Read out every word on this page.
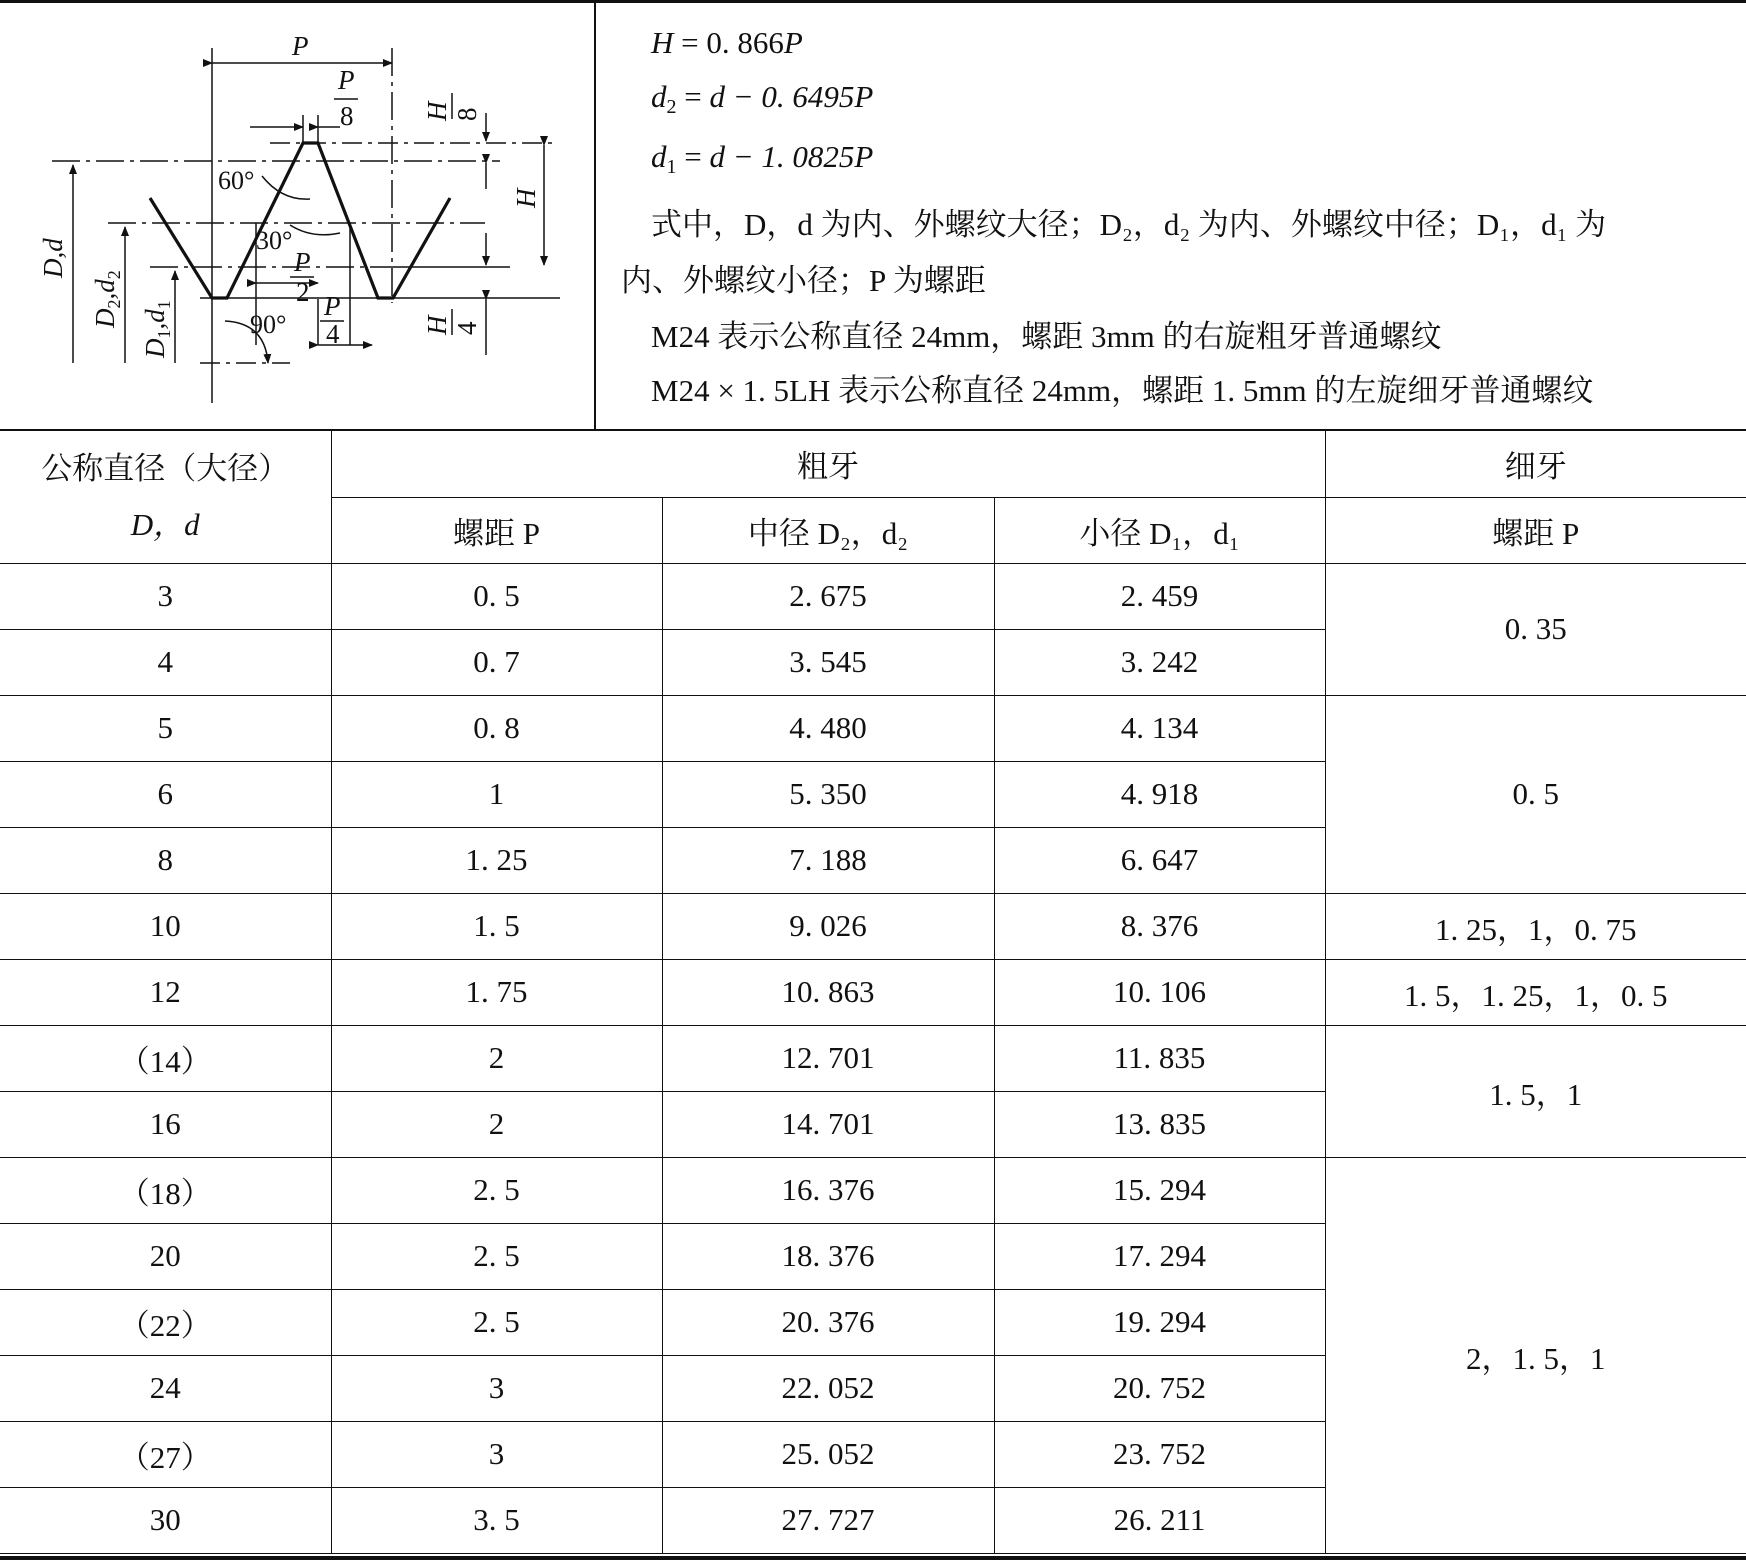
P
P
8
P
2 P
4
H
H 8
H 4
D,d
$D_2,d_2$
$D_1,d_1$
60°
30°
90°
H = 0. 866P
$d_2 = d - 0$. 6495P
$d_1 = d - 1$. 0825P
式中，D，d 为内、外螺纹大径；D₂，d₂ 为内、外螺纹中径；D₁，d₁ 为
内、外螺纹小径；P 为螺距
M24 表示公称直径 24mm，螺距 3mm 的右旋粗牙普通螺纹
M24 × 1. 5LH 表示公称直径 24mm，螺距 1. 5mm 的左旋细牙普通螺纹
公称直径（大径）
D，d	粗牙			细牙
	螺距 P	中径 D₂，d₂	小径 D₁，d₁	螺距 P
3	0. 5	2. 675	2. 459	0. 35
4	0. 7	3. 545	3. 242	
5	0. 8	4. 480	4. 134	0. 5
6	1	5. 350	4. 918	
8	1. 25	7. 188	6. 647	
10	1. 5	9. 026	8. 376	1. 25，1，0. 75
12	1. 75	10. 863	10. 106	1. 5，1. 25，1，0. 5
（14）	2	12. 701	11. 835	1. 5，1
16	2	14. 701	13. 835	
（18）	2. 5	16. 376	15. 294	2，1. 5，1
20	2. 5	18. 376	17. 294	
（22）	2. 5	20. 376	19. 294	
24	3	22. 052	20. 752	
（27）	3	25. 052	23. 752	
30	3. 5	27. 727	26. 211	
